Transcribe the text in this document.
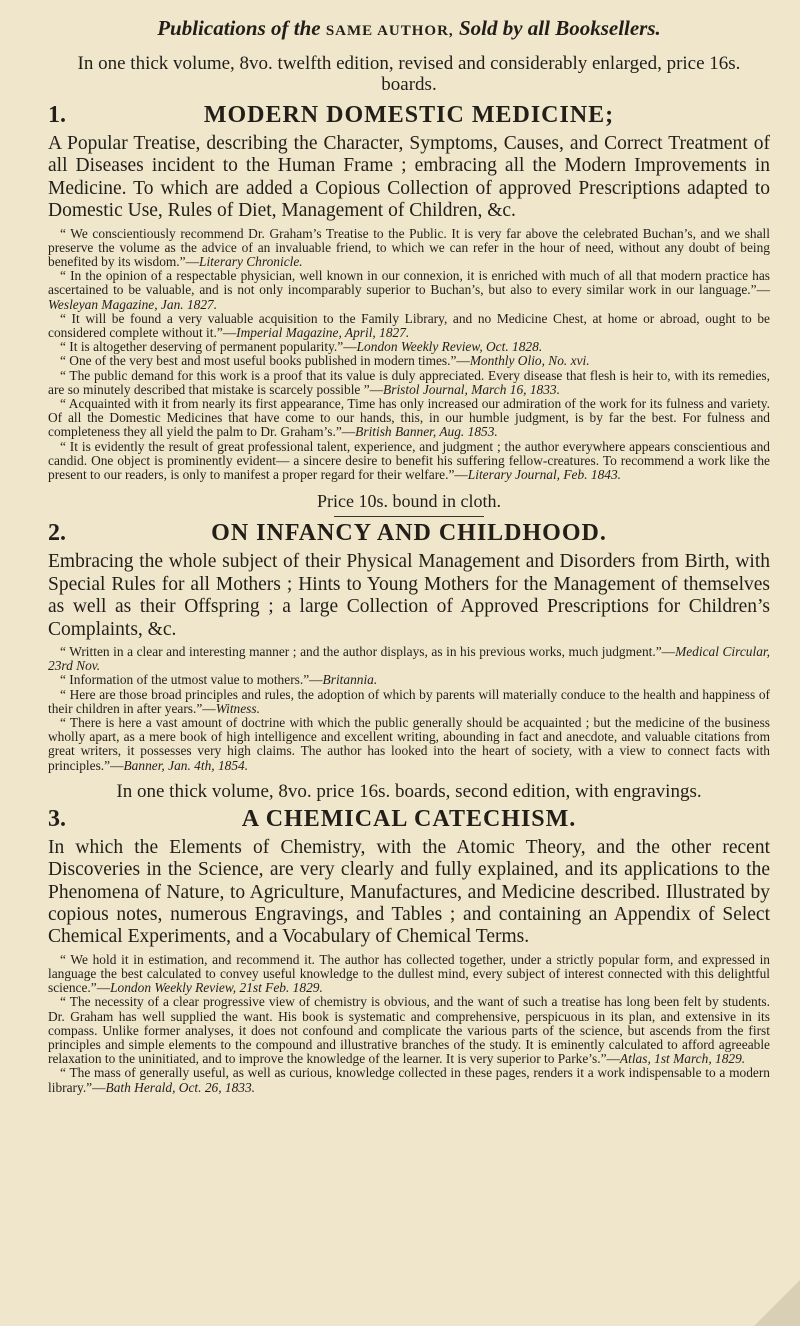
Publications of the SAME AUTHOR, Sold by all Booksellers.

In one thick volume, 8vo. twelfth edition, revised and considerably enlarged, price 16s. boards.

1.	MODERN DOMESTIC MEDICINE;

A Popular Treatise, describing the Character, Symptoms, Causes, and Correct Treatment of all Diseases incident to the Human Frame ; embracing all the Modern Improvements in Medicine. To which are added a Copious Collection of approved Prescriptions adapted to Domestic Use, Rules of Diet, Management of Children, &c.

“ We conscientiously recommend Dr. Graham’s Treatise to the Public. It is very far above the celebrated Buchan’s, and we shall preserve the volume as the advice of an invaluable friend, to which we can refer in the hour of need, without any doubt of being benefited by its wisdom.”—Literary Chronicle.

“ In the opinion of a respectable physician, well known in our connexion, it is enriched with much of all that modern practice has ascertained to be valuable, and is not only incomparably superior to Buchan’s, but also to every similar work in our language.”—Wesleyan Magazine, Jan. 1827.

“ It will be found a very valuable acquisition to the Family Library, and no Medicine Chest, at home or abroad, ought to be considered complete without it.”—Imperial Magazine, April, 1827.

“ It is altogether deserving of permanent popularity.”—London Weekly Review, Oct. 1828.

“ One of the very best and most useful books published in modern times.”—Monthly Olio, No. xvi.

“ The public demand for this work is a proof that its value is duly appreciated. Every disease that flesh is heir to, with its remedies, are so minutely described that mistake is scarcely possible ”—Bristol Journal, March 16, 1833.

“ Acquainted with it from nearly its first appearance, Time has only increased our admiration of the work for its fulness and variety. Of all the Domestic Medicines that have come to our hands, this, in our humble judgment, is by far the best. For fulness and completeness they all yield the palm to Dr. Graham’s.”—British Banner, Aug. 1853.

“ It is evidently the result of great professional talent, experience, and judgment ; the author everywhere appears conscientious and candid. One object is prominently evident— a sincere desire to benefit his suffering fellow-creatures. To recommend a work like the present to our readers, is only to manifest a proper regard for their welfare.”—Literary Journal, Feb. 1843.

Price 10s. bound in cloth.

2.	ON INFANCY AND CHILDHOOD.

Embracing the whole subject of their Physical Management and Disorders from Birth, with Special Rules for all Mothers ; Hints to Young Mothers for the Management of themselves as well as their Offspring ; a large Collection of Approved Prescriptions for Children’s Complaints, &c.

“ Written in a clear and interesting manner ; and the author displays, as in his previous works, much judgment.”—Medical Circular, 23rd Nov.

“ Information of the utmost value to mothers.”—Britannia.

“ Here are those broad principles and rules, the adoption of which by parents will materially conduce to the health and happiness of their children in after years.”—Witness.

“ There is here a vast amount of doctrine with which the public generally should be acquainted ; but the medicine of the business wholly apart, as a mere book of high intelligence and excellent writing, abounding in fact and anecdote, and valuable citations from great writers, it possesses very high claims. The author has looked into the heart of society, with a view to connect facts with principles.”—Banner, Jan. 4th, 1854.

In one thick volume, 8vo. price 16s. boards, second edition, with engravings.

3.	A CHEMICAL CATECHISM.

In which the Elements of Chemistry, with the Atomic Theory, and the other recent Discoveries in the Science, are very clearly and fully explained, and its applications to the Phenomena of Nature, to Agriculture, Manufactures, and Medicine described. Illustrated by copious notes, numerous Engravings, and Tables ; and containing an Appendix of Select Chemical Experiments, and a Vocabulary of Chemical Terms.

“ We hold it in estimation, and recommend it. The author has collected together, under a strictly popular form, and expressed in language the best calculated to convey useful knowledge to the dullest mind, every subject of interest connected with this delightful science.”—London Weekly Review, 21st Feb. 1829.

“ The necessity of a clear progressive view of chemistry is obvious, and the want of such a treatise has long been felt by students. Dr. Graham has well supplied the want. His book is systematic and comprehensive, perspicuous in its plan, and extensive in its compass. Unlike former analyses, it does not confound and complicate the various parts of the science, but ascends from the first principles and simple elements to the compound and illustrative branches of the study. It is eminently calculated to afford agreeable relaxation to the uninitiated, and to improve the knowledge of the learner. It is very superior to Parke’s.”—Atlas, 1st March, 1829.

“ The mass of generally useful, as well as curious, knowledge collected in these pages, renders it a work indispensable to a modern library.”—Bath Herald, Oct. 26, 1833.
